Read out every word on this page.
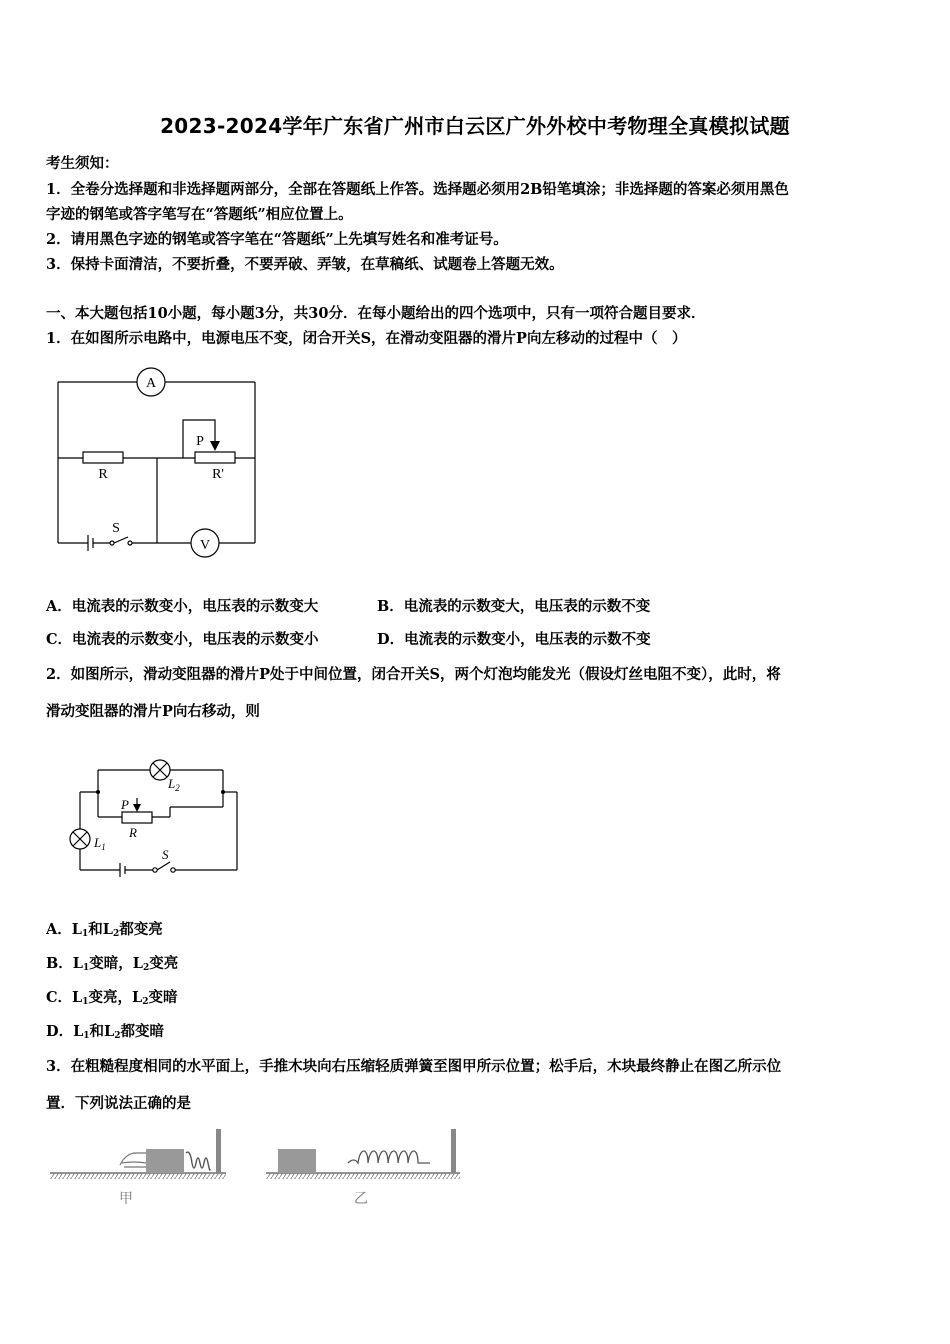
2023-2024学年广东省广州市白云区广外外校中考物理全真模拟试题
考生须知：
1．全卷分选择题和非选择题两部分，全部在答题纸上作答。选择题必须用2B铅笔填涂；非选择题的答案必须用黑色
字迹的钢笔或答字笔写在“答题纸”相应位置上。
2．请用黑色字迹的钢笔或答字笔在“答题纸”上先填写姓名和准考证号。
3．保持卡面清洁，不要折叠，不要弄破、弄皱，在草稿纸、试题卷上答题无效。
一、本大题包括10小题，每小题3分，共30分．在每小题给出的四个选项中，只有一项符合题目要求．
1．在如图所示电路中，电源电压不变，闭合开关S，在滑动变阻器的滑片P向左移动的过程中（　）
A
V
R	R'
P
S
A．电流表的示数变小，电压表的示数变大	B．电流表的示数变大，电压表的示数不变
C．电流表的示数变小，电压表的示数变小	D．电流表的示数变小，电压表的示数不变
2．如图所示，滑动变阻器的滑片P处于中间位置，闭合开关S，两个灯泡均能发光（假设灯丝电阻不变），此时，将
滑动变阻器的滑片P向右移动，则
$L_2$
$L_1$
P
R
S
A．$L_1$和$L_2$都变亮
B．$L_1$变暗，$L_2$变亮
C．$L_1$变亮，$L_2$变暗
D．$L_1$和$L_2$都变暗
3．在粗糙程度相同的水平面上，手推木块向右压缩轻质弹簧至图甲所示位置；松手后，木块最终静止在图乙所示位
置．下列说法正确的是
甲	乙
